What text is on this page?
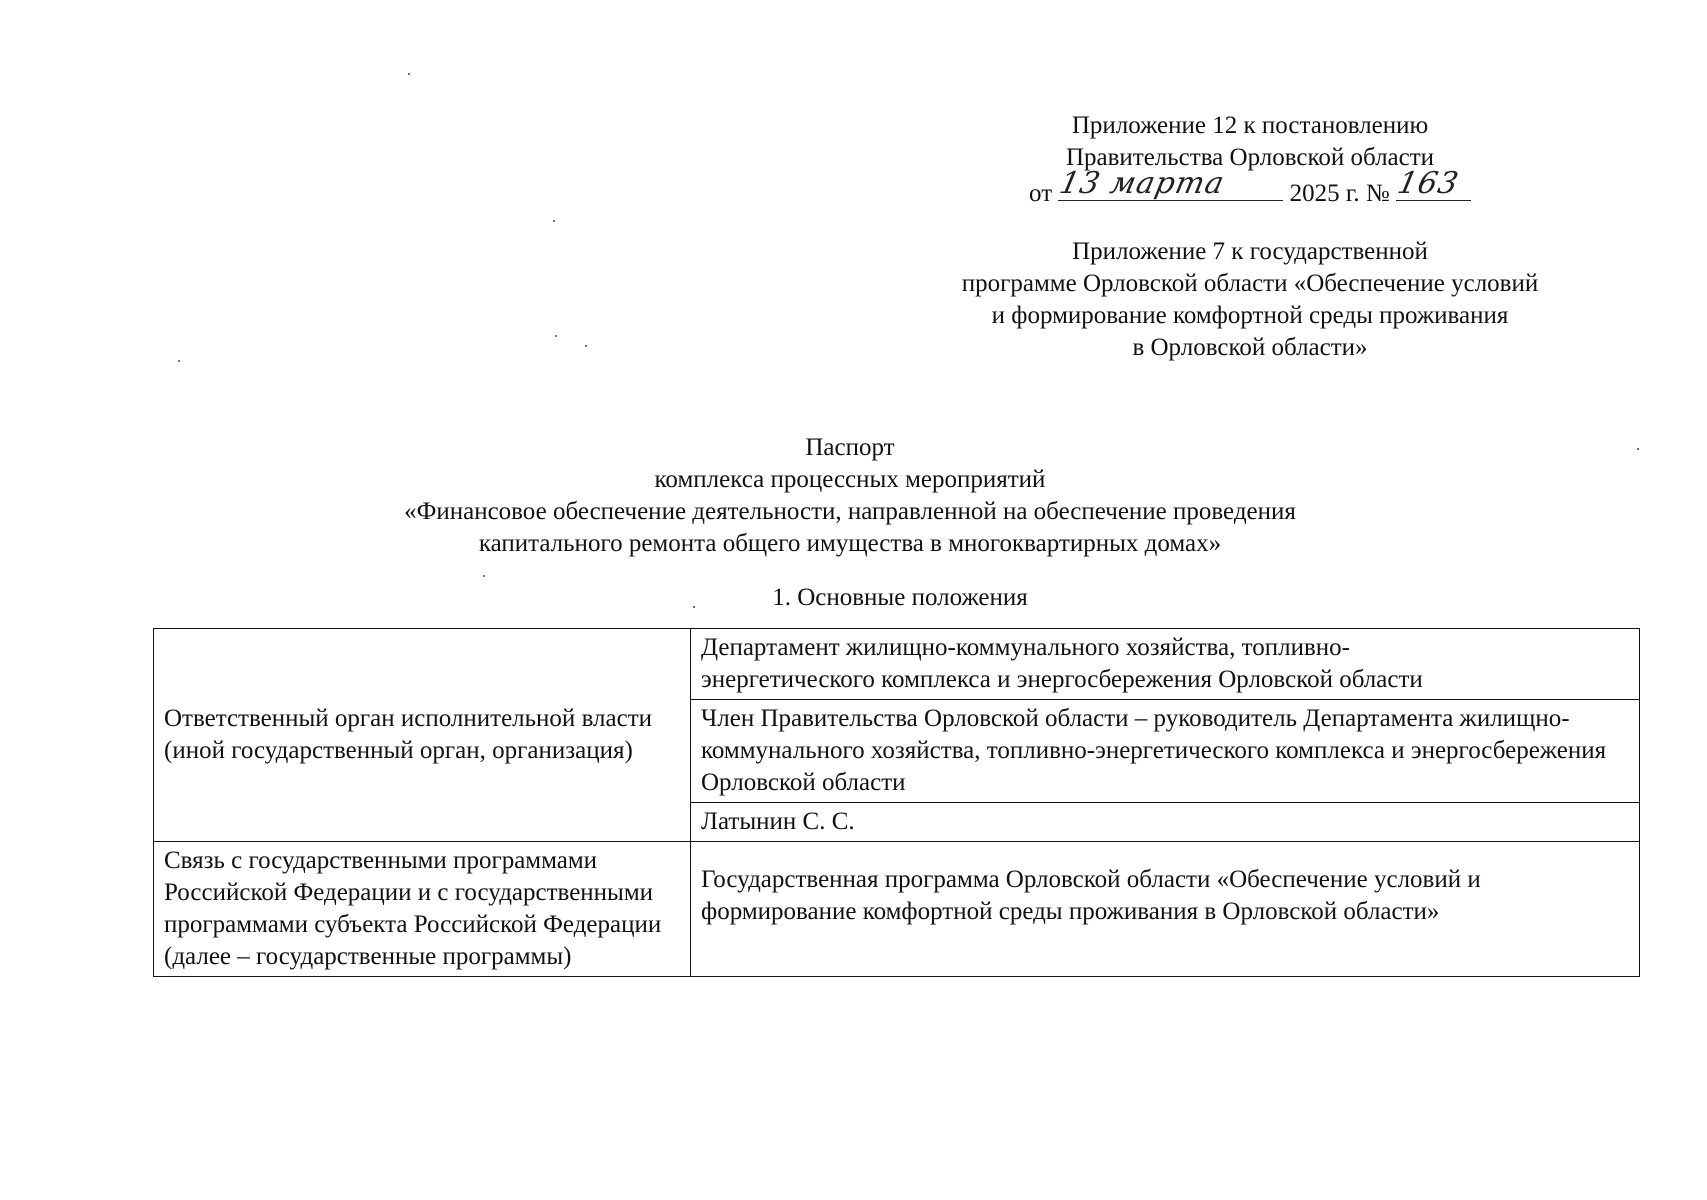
Приложение 12 к постановлению
Правительства Орловской области
от 13 марта 2025 г. № 163
Приложение 7 к государственной
программе Орловской области «Обеспечение условий
и формирование комфортной среды проживания
в Орловской области»
Паспорт
комплекса процессных мероприятий
«Финансовое обеспечение деятельности, направленной на обеспечение проведения
капитального ремонта общего имущества в многоквартирных домах»
1. Основные положения
Ответственный орган исполнительной власти (иной государственный орган, организация)	Департамент жилищно-коммунального хозяйства, топливно-энергетического комплекса и энергосбережения Орловской области
	Член Правительства Орловской области – руководитель Департамента жилищно-коммунального хозяйства, топливно-энергетического комплекса и энергосбережения Орловской области
	Латынин С. С.
Связь с государственными программами Российской Федерации и с государственными программами субъекта Российской Федерации (далее – государственные программы)	Государственная программа Орловской области «Обеспечение условий и формирование комфортной среды проживания в Орловской области»
